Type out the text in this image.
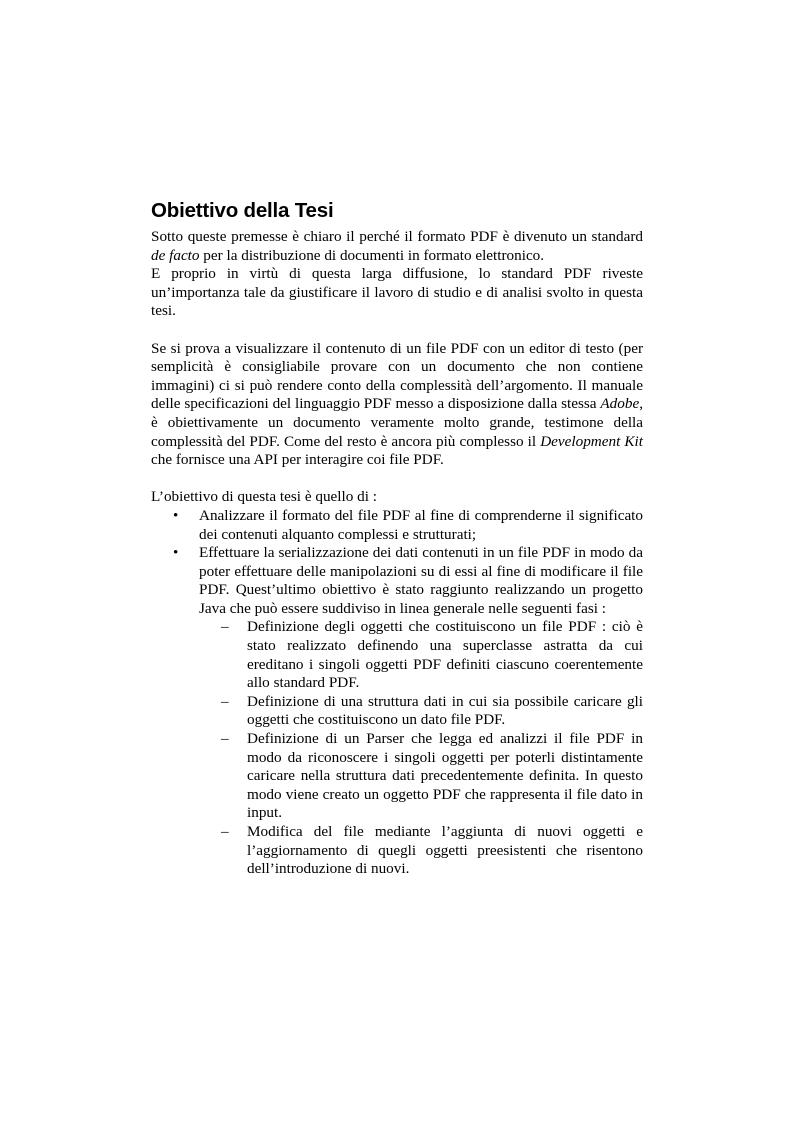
Obiettivo della Tesi

Sotto queste premesse è chiaro il perché il formato PDF è divenuto un standard de facto per la distribuzione di documenti in formato elettronico.

E proprio in virtù di questa larga diffusione, lo standard PDF riveste un’importanza tale da giustificare il lavoro di studio e di analisi svolto in questa tesi.

Se si prova a visualizzare il contenuto di un file PDF con un editor di testo (per semplicità è consigliabile provare con un documento che non contiene immagini) ci si può rendere conto della complessità dell’argomento. Il manuale delle specificazioni del linguaggio PDF messo a disposizione dalla stessa Adobe, è obiettivamente un documento veramente molto grande, testimone della complessità del PDF. Come del resto è ancora più complesso il Development Kit che fornisce una API per interagire coi file PDF.

L’obiettivo di questa tesi è quello di :

• Analizzare il formato del file PDF al fine di comprenderne il significato dei contenuti alquanto complessi e strutturati;
• Effettuare la serializzazione dei dati contenuti in un file PDF in modo da poter effettuare delle manipolazioni su di essi al fine di modificare il file PDF. Quest’ultimo obiettivo è stato raggiunto realizzando un progetto Java che può essere suddiviso in linea generale nelle seguenti fasi :
– Definizione degli oggetti che costituiscono un file PDF : ciò è stato realizzato definendo una superclasse astratta da cui ereditano i singoli oggetti PDF definiti ciascuno coerentemente allo standard PDF.
– Definizione di una struttura dati in cui sia possibile caricare gli oggetti che costituiscono un dato file PDF.
– Definizione di un Parser che legga ed analizzi il file PDF in modo da riconoscere i singoli oggetti per poterli distintamente caricare nella struttura dati precedentemente definita. In questo modo viene creato un oggetto PDF che rappresenta il file dato in input.
– Modifica del file mediante l’aggiunta di nuovi oggetti e l’aggiornamento di quegli oggetti preesistenti che risentono dell’introduzione di nuovi.
